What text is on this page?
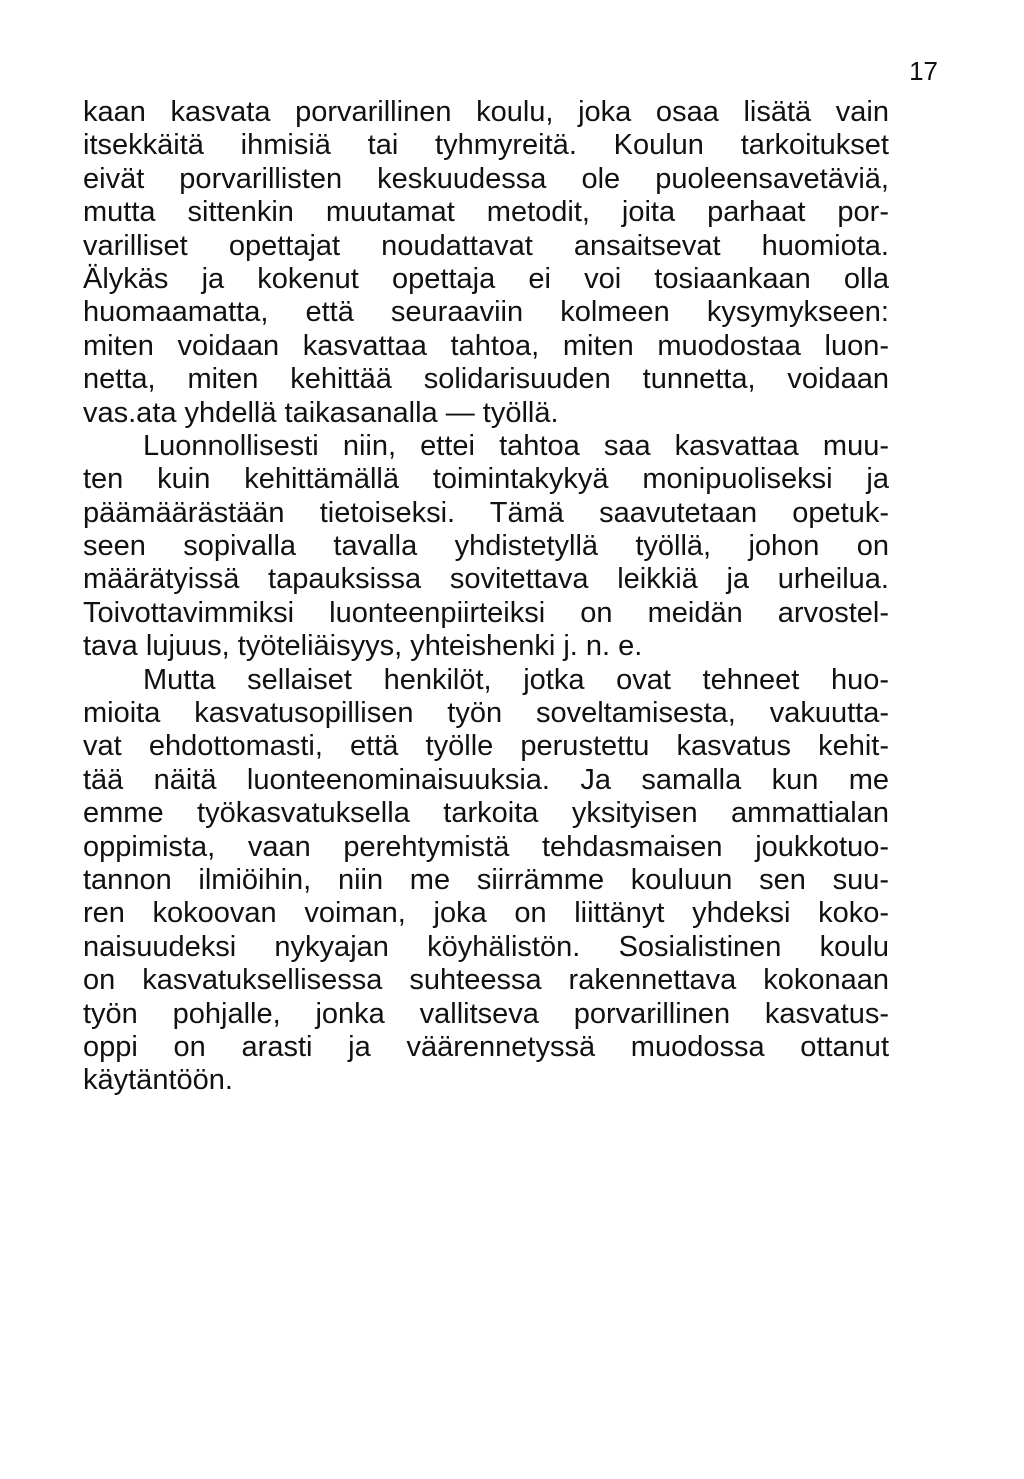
17
kaan kasvata porvarillinen koulu, joka osaa lisätä vain
itsekkäitä ihmisiä tai tyhmyreitä. Koulun tarkoitukset
eivät porvarillisten keskuudessa ole puoleensavetäviä,
mutta sittenkin muutamat metodit, joita parhaat por-
varilliset opettajat noudattavat ansaitsevat huomiota.
Älykäs ja kokenut opettaja ei voi tosiaankaan olla
huomaamatta, että seuraaviin kolmeen kysymykseen:
miten voidaan kasvattaa tahtoa, miten muodostaa luon-
netta, miten kehittää solidarisuuden tunnetta, voidaan
vas.ata yhdellä taikasanalla — työllä.
Luonnollisesti niin, ettei tahtoa saa kasvattaa muu-
ten kuin kehittämällä toimintakykyä monipuoliseksi ja
päämäärästään tietoiseksi. Tämä saavutetaan opetuk-
seen sopivalla tavalla yhdistetyllä työllä, johon on
määrätyissä tapauksissa sovitettava leikkiä ja urheilua.
Toivottavimmiksi luonteenpiirteiksi on meidän arvostel-
tava lujuus, työteliäisyys, yhteishenki j. n. e.
Mutta sellaiset henkilöt, jotka ovat tehneet huo-
mioita kasvatusopillisen työn soveltamisesta, vakuutta-
vat ehdottomasti, että työlle perustettu kasvatus kehit-
tää näitä luonteenominaisuuksia. Ja samalla kun me
emme työkasvatuksella tarkoita yksityisen ammattialan
oppimista, vaan perehtymistä tehdasmaisen joukkotuo-
tannon ilmiöihin, niin me siirrämme kouluun sen suu-
ren kokoovan voiman, joka on liittänyt yhdeksi koko-
naisuudeksi nykyajan köyhälistön. Sosialistinen koulu
on kasvatuksellisessa suhteessa rakennettava kokonaan
työn pohjalle, jonka vallitseva porvarillinen kasvatus-
oppi on arasti ja väärennetyssä muodossa ottanut
käytäntöön.
